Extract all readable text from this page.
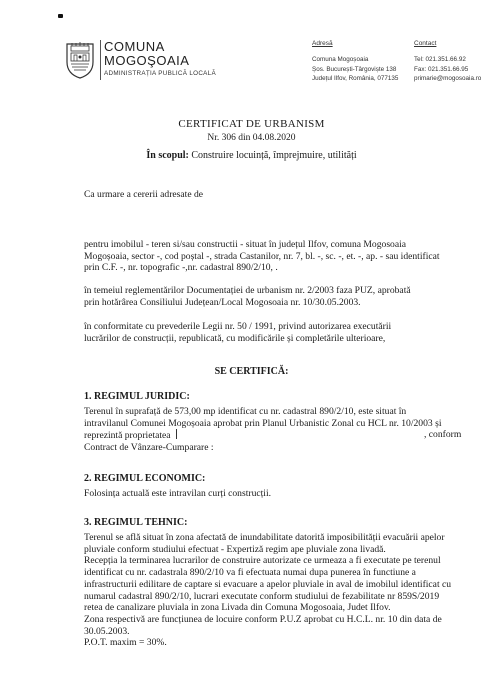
COMUNA
MOGOŞOAIA
ADMINISTRAȚIA PUBLICĂ LOCALĂ
Adresă
Comuna Mogoșoaia
Șos. București-Târgoviște 138
Județul Ilfov, România, 077135
Contact
Tel: 021.351.66.92
Fax: 021.351.66.95
primarie@mogosoaia.ro
CERTIFICAT DE URBANISM
Nr. 306 din 04.08.2020
În scopul: Construire locuință, împrejmuire, utilități
Ca urmare a cererii adresate de
pentru imobilul - teren si/sau constructii - situat în județul Ilfov, comuna Mogosoaia
Mogoșoaia, sector -, cod poștal -, strada Castanilor, nr. 7, bl. -, sc. -, et. -, ap. - sau identificat
prin C.F. -, nr. topografic -,nr. cadastral 890/2/10, .
în temeiul reglementărilor Documentației de urbanism nr. 2/2003 faza PUZ, aprobată
prin hotărârea Consiliului Județean/Local Mogosoaia nr. 10/30.05.2003.
în conformitate cu prevederile Legii nr. 50 / 1991, privind autorizarea executării
lucrărilor de construcții, republicată, cu modificările și completările ulterioare,
SE CERTIFICĂ:
1. REGIMUL JURIDIC:
Terenul în suprafață de 573,00 mp identificat cu nr. cadastral 890/2/10, este situat în
intravilanul Comunei Mogoșoaia aprobat prin Planul Urbanistic Zonal cu HCL nr. 10/2003 și
reprezintă proprietatea	, conform
Contract de Vânzare-Cumparare :
2. REGIMUL ECONOMIC:
Folosința actuală este intravilan curți construcții.
3. REGIMUL TEHNIC:
Terenul se află situat în zona afectată de inundabilitate datorită imposibilității evacuării apelor
pluviale conform studiului efectuat - Expertiză regim ape pluviale zona livadă.
Recepția la terminarea lucrarilor de construire autorizate ce urmeaza a fi executate pe terenul
identificat cu nr. cadastrala 890/2/10 va fi efectuata numai dupa punerea în functiune a
infrastructurii edilitare de captare si evacuare a apelor pluviale in aval de imobilul identificat cu
numarul cadastral 890/2/10, lucrari executate conform studiului de fezabilitate nr 859S/2019
retea de canalizare pluviala in zona Livada din Comuna Mogosoaia, Judet Ilfov.
Zona respectivă are funcțiunea de locuire conform P.U.Z aprobat cu H.C.L. nr. 10 din data de
30.05.2003.
P.O.T. maxim = 30%.
